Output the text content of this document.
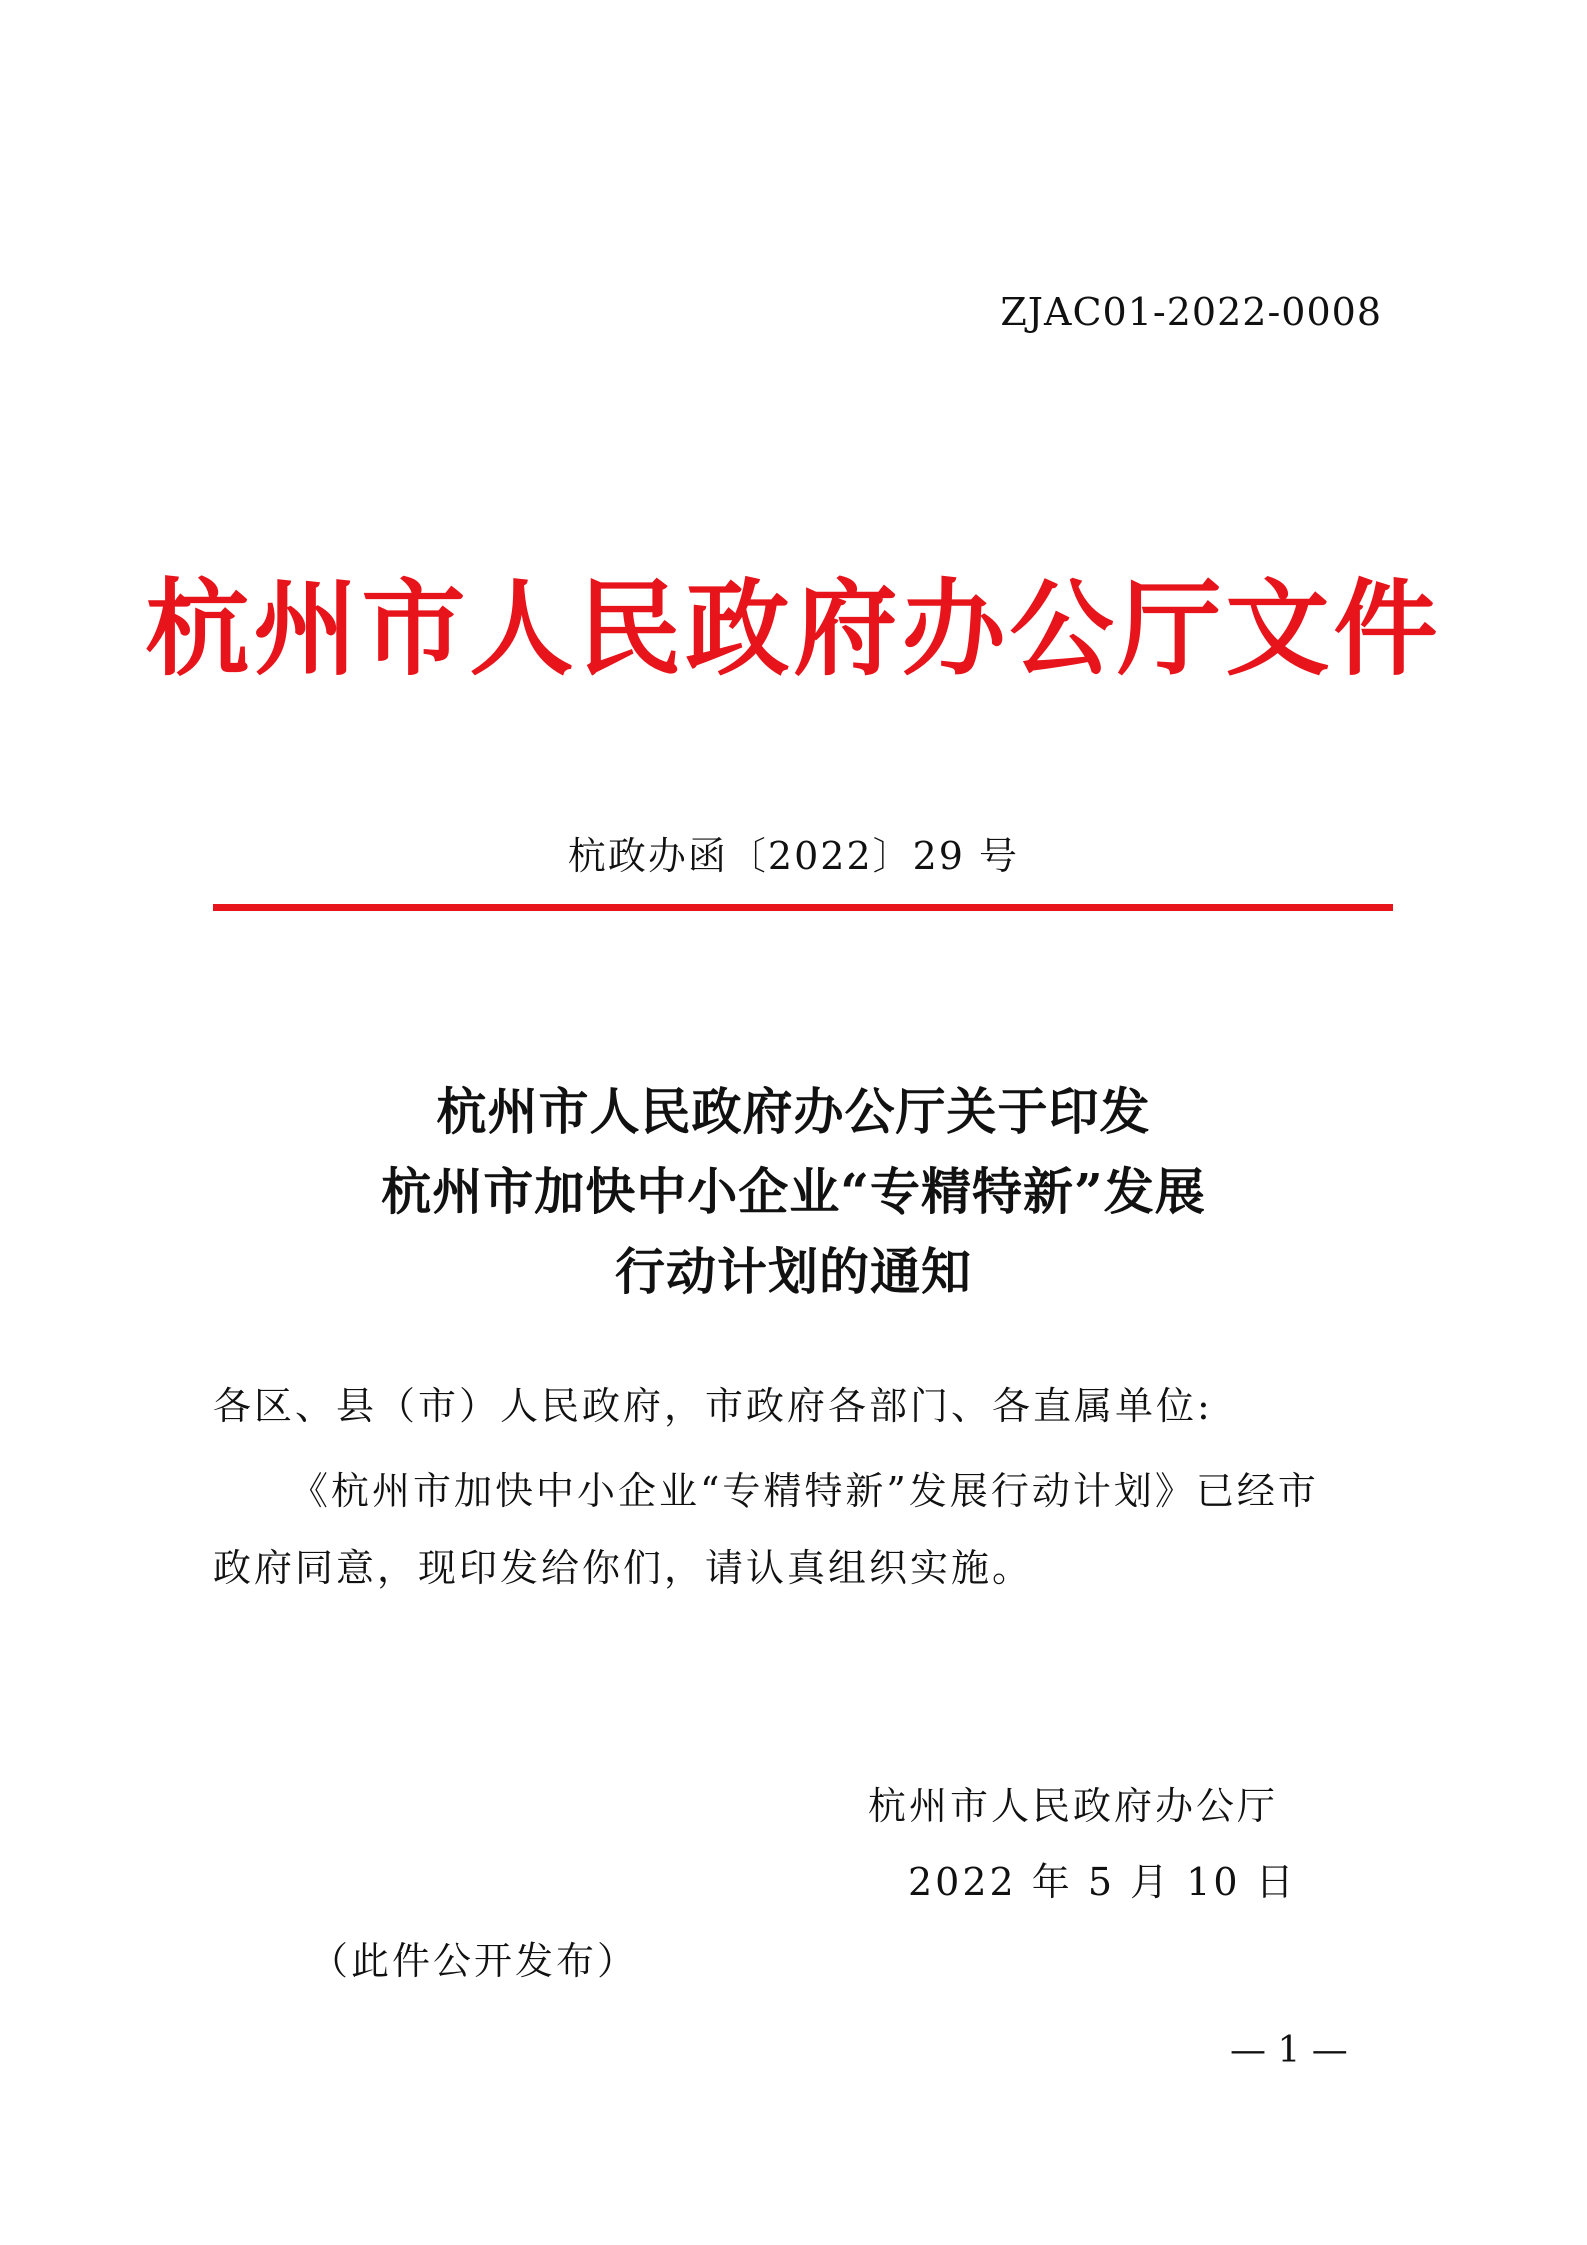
ZJAC01-2022-0008
杭州市人民政府办公厅文件
杭政办函〔2022〕29 号
杭州市人民政府办公厅关于印发
杭州市加快中小企业“专精特新”发展
行动计划的通知
各区、县（市）人民政府，市政府各部门、各直属单位:
《杭州市加快中小企业“专精特新”发展行动计划》已经市
政府同意，现印发给你们，请认真组织实施。
杭州市人民政府办公厅
2022 年 5 月 10 日
（此件公开发布）
— 1 —
